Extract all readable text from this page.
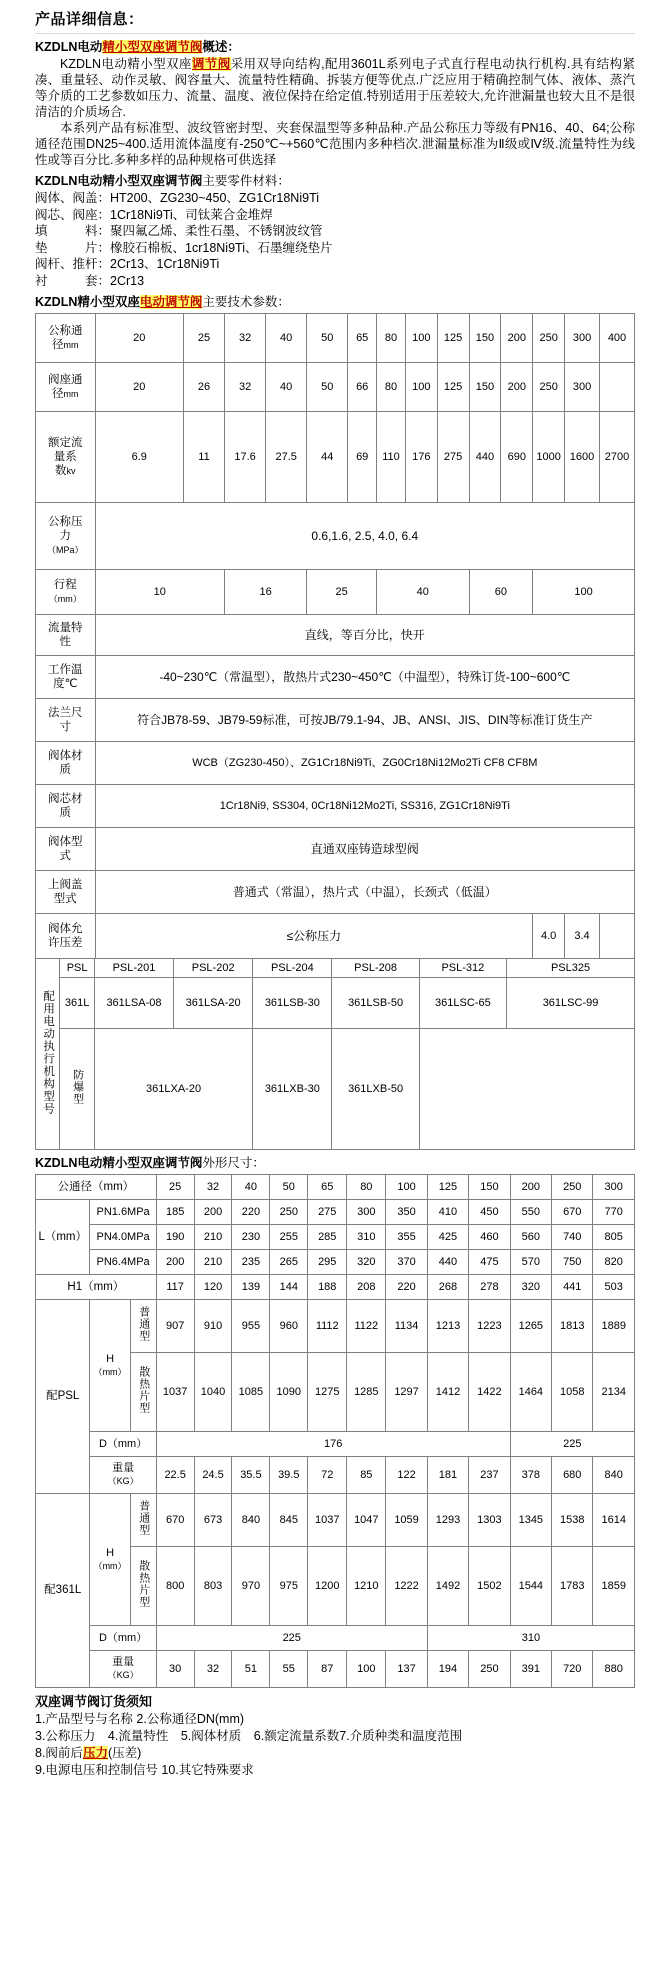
产品详细信息：
KZDLN电动精小型双座调节阀概述：

KZDLN电动精小型双座调节阀采用双导向结构,配用3601L系列电子式直行程电动执行机构.具有结构紧凑、重量轻、动作灵敏、阀容量大、流量特性精确、拆装方便等优点.广泛应用于精确控制气体、液体、蒸汽等介质的工艺参数如压力、流量、温度、液位保持在给定值.特别适用于压差较大,允许泄漏量也较大且不是很清洁的介质场合.

本系列产品有标准型、波纹管密封型、夹套保温型等多种品种.产品公称压力等级有PN16、40、64;公称通径范围DN25~400.适用流体温度有-250℃~+560℃范围内多种档次.泄漏量标准为Ⅱ级或Ⅳ级.流量特性为线性或等百分比.多种多样的品种规格可供选择

KZDLN电动精小型双座调节阀主要零件材料：
阀体、阀盖：HT200、ZG230~450、ZG1Cr18Ni9Ti
阀芯、阀座：1Cr18Ni9Ti、司钛莱合金堆焊
填　　　料：聚四氟乙烯、柔性石墨、不锈钢波纹管
垫　　　片：橡胶石棉板、1cr18Ni9Ti、石墨缠绕垫片
阀杆、推杆：2Cr13、1Cr18Ni9Ti
衬　　　套：2Cr13
KZDLN精小型双座电动调节阀主要技术参数：
公称通
径mm	20	25	32	40	50	65	80	100	125	150	200	250	300	400

阀座通
径mm	20	26	32	40	50	66	80	100	125	150	200	250	300	

额定流
量系
数kv	6.9	11	17.6	27.5	44	69	110	176	275	440	690	1000	1600	2700

公称压
力
（MPa）	0.6,1.6, 2.5, 4.0, 6.4													

行程
（mm）	10		16		25		40			60		100		

流量特
性	直线，等百分比，快开													

工作温
度℃	-40~230℃（常温型），散热片式230~450℃（中温型），特殊订货-100~600℃													

法兰尺
寸	符合JB78-59、JB79-59标准，可按JB/79.1-94、JB、ANSI、JIS、DIN等标准订货生产													

阀体材
质	WCB（ZG230-450）、ZG1Cr18Ni9Ti、ZG0Cr18Ni12Mo2Ti CF8 CF8M													

阀芯材
质	1Cr18Ni9, SS304, 0Cr18Ni12Mo2Ti, SS316, ZG1Cr18Ni9Ti													

阀体型
式	直通双座铸造球型阀													

上阀盖
型式	普通式（常温），热片式（中温），长颈式（低温）													

阀体允
许压差	≤公称压力											4.0	3.4	
配用电动执行机构型号	PSL	PSL-201	PSL-202	PSL-204	PSL-208	PSL-312	PSL325
	361L	361LSA-08	361LSA-20	361LSB-30	361LSB-50	361LSC-65	361LSC-99
	防爆型	361LXA-20		361LXB-30	361LXB-50		
KZDLN电动精小型双座调节阀外形尺寸：
公通径（mm）			25	32	40	50	65	80	100	125	150	200	250	300
L（mm）	PN1.6MPa		185	200	220	250	275	300	350	410	450	550	670	770
	PN4.0MPa		190	210	230	255	285	310	355	425	460	560	740	805
	PN6.4MPa		200	210	235	265	295	320	370	440	475	570	750	820
H1（mm）			117	120	139	144	188	208	220	268	278	320	441	503
配PSL	H
（mm）	普通型	907	910	955	960	1112	1122	1134	1213	1223	1265	1813	1889
		散热片型	1037	1040	1085	1090	1275	1285	1297	1412	1422	1464	1058	2134
	D（mm）		176									225		

	重量
（KG）		22.5	24.5	35.5	39.5	72	85	122	181	237	378	680	840
配361L	H
（mm）	普通型	670	673	840	845	1037	1047	1059	1293	1303	1345	1538	1614
		散热片型	800	803	970	975	1200	1210	1222	1492	1502	1544	1783	1859
	D（mm）		225							310				

	重量
（KG）		30	32	51	55	87	100	137	194	250	391	720	880
双座调节阀订货须知
1.产品型号与名称 2.公称通径DN(mm)
3.公称压力　4.流量特性　5.阀体材质　6.额定流量系数7.介质种类和温度范围
8.阀前后压力(压差)
9.电源电压和控制信号 10.其它特殊要求
